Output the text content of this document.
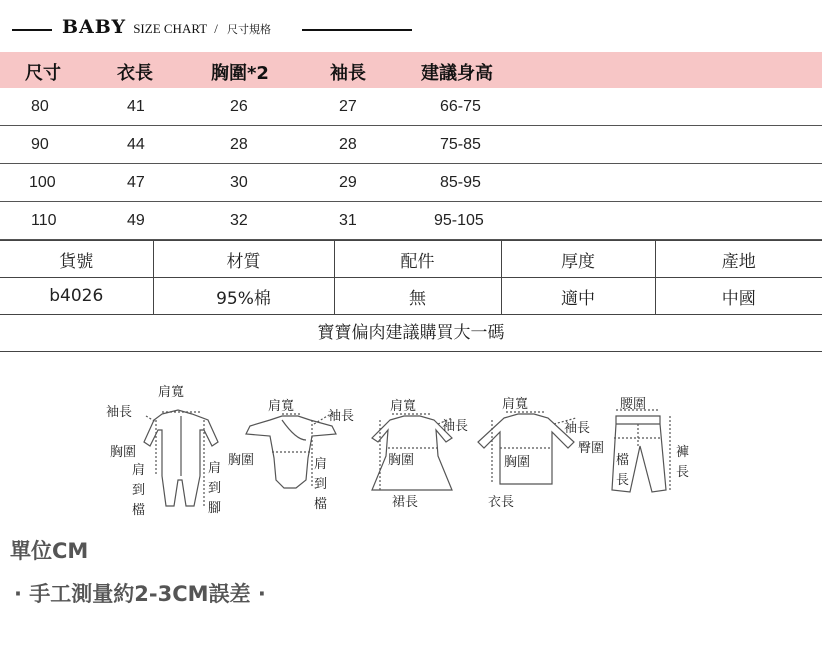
BABY SIZE CHART / 尺寸規格
尺寸	衣長	胸圍*2	袖長	建議身高
80	41	26	27	66-75
90	44	28	28	75-85
100	47	30	29	85-95
110	49	32	31	95-105
貨號	材質	配件	厚度	產地
b4026	95%棉	無	適中	中國
寶寶偏肉建議購買大一碼
肩寬
袖長
胸圍
肩
到
檔
肩
到
腳
肩寬
袖長
胸圍	肩
到
檔
肩寬
袖長
胸圍
裙長
肩寬
袖長
胸圍
衣長
腰圍
臀圍
檔
長
褲
長
單位CM
· 手工測量約2-3CM誤差 ·
